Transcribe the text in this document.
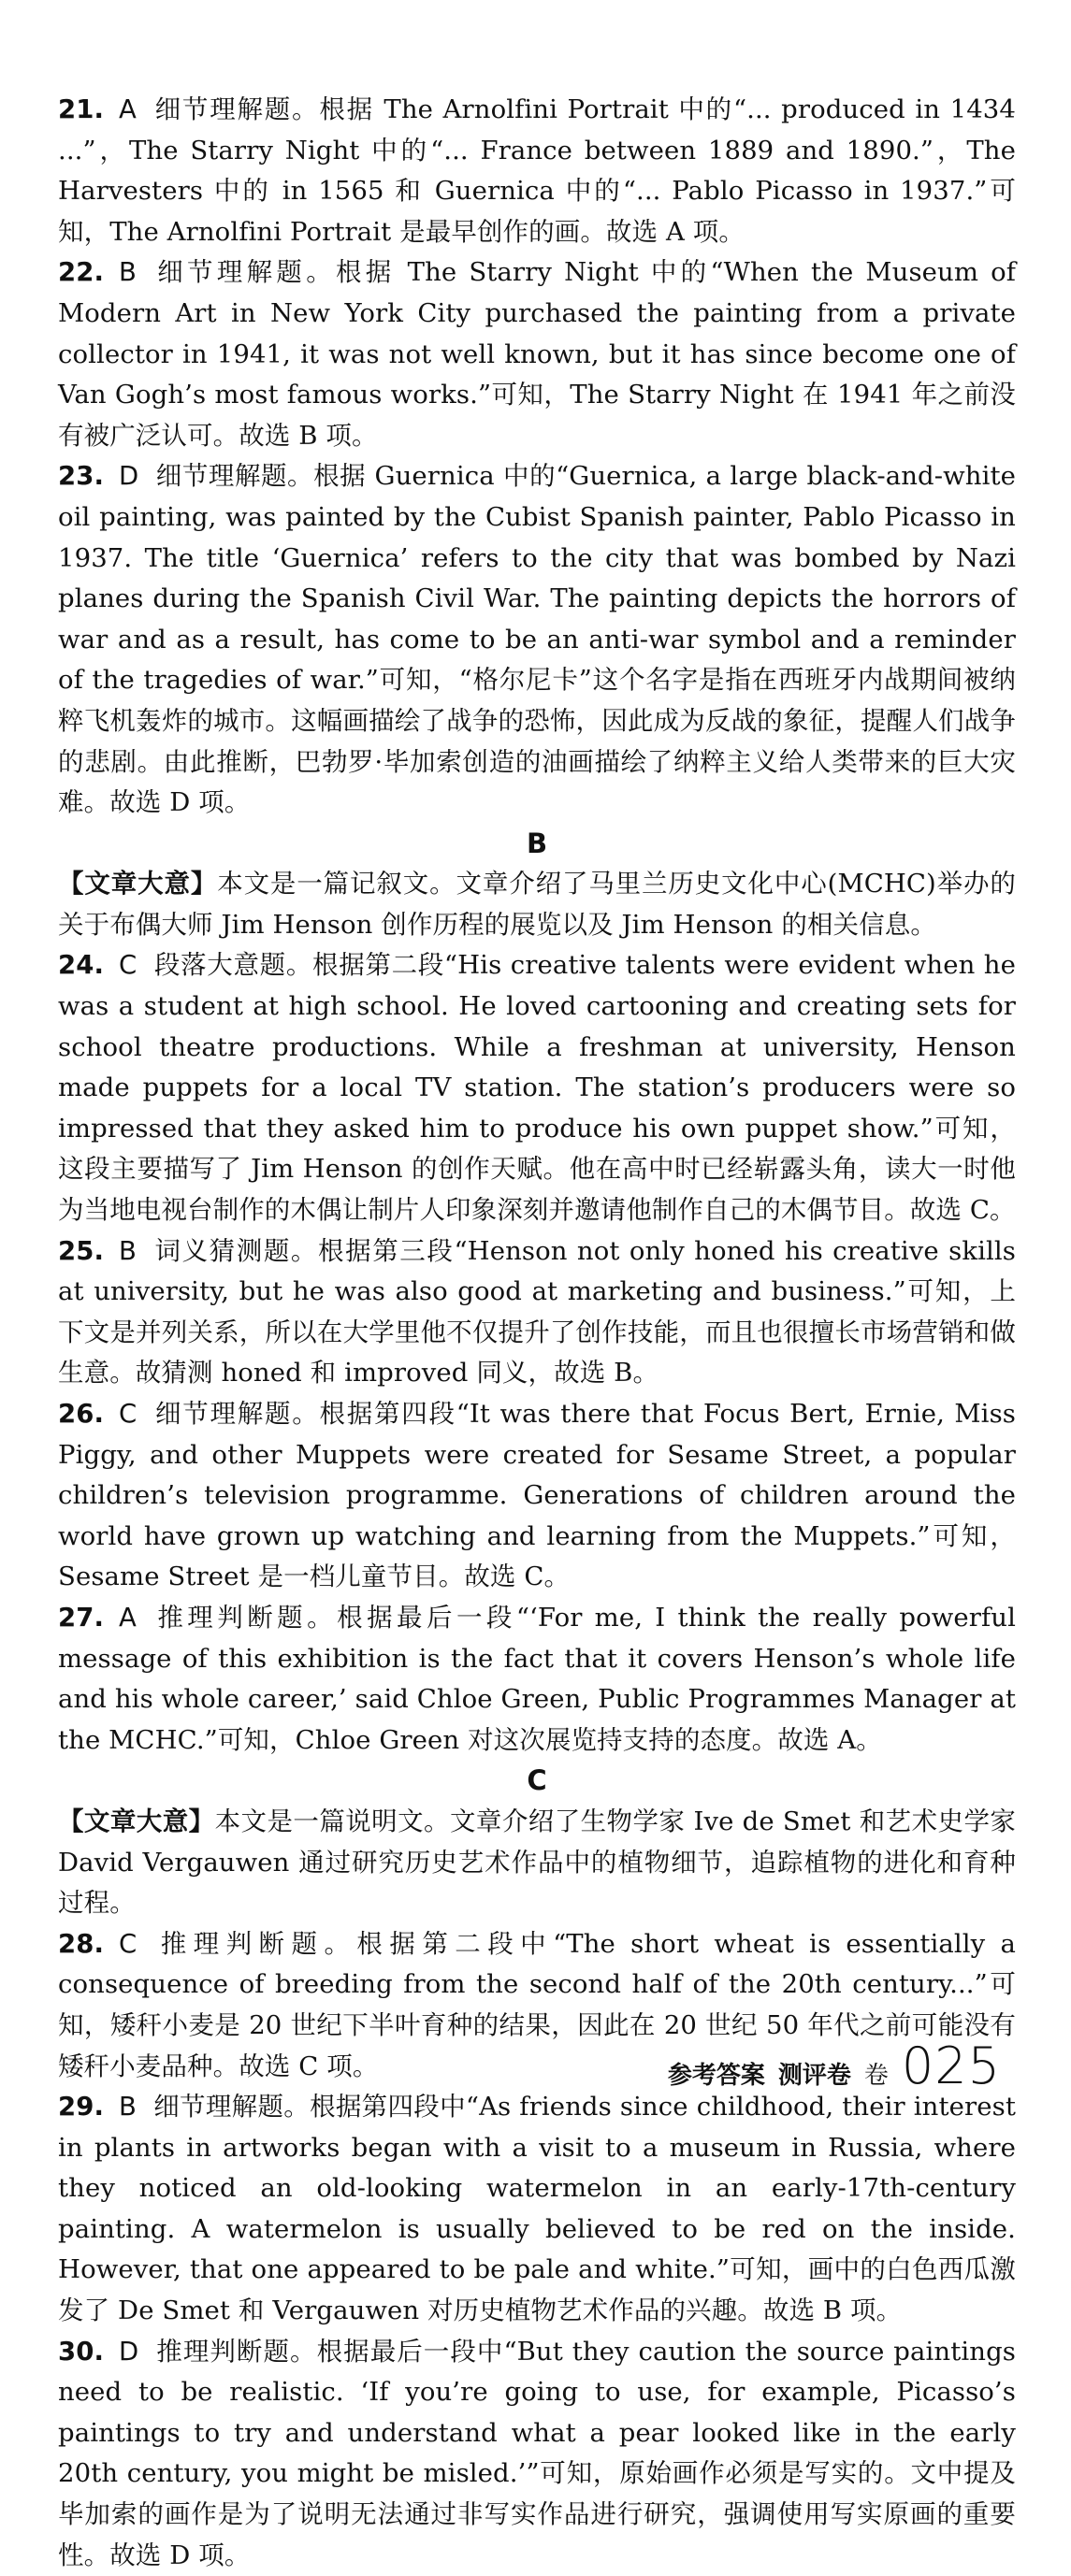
21. A 细节理解题。根据 The Arnolfini Portrait 中的“... produced in 1434 ...”，The Starry Night 中的“... France between 1889 and 1890.”，The Harvesters 中的 in 1565 和 Guernica 中的“... Pablo Picasso in 1937.”可知，The Arnolfini Portrait 是最早创作的画。故选 A 项。

22. B 细节理解题。根据 The Starry Night 中的“When the Museum of Modern Art in New York City purchased the painting from a private collector in 1941, it was not well known, but it has since become one of Van Gogh’s most famous works.”可知，The Starry Night 在 1941 年之前没有被广泛认可。故选 B 项。

23. D 细节理解题。根据 Guernica 中的“Guernica, a large black-and-white oil painting, was painted by the Cubist Spanish painter, Pablo Picasso in 1937. The title ‘Guernica’ refers to the city that was bombed by Nazi planes during the Spanish Civil War. The painting depicts the horrors of war and as a result, has come to be an anti-war symbol and a reminder of the tragedies of war.”可知，“格尔尼卡”这个名字是指在西班牙内战期间被纳粹飞机轰炸的城市。这幅画描绘了战争的恐怖，因此成为反战的象征，提醒人们战争的悲剧。由此推断，巴勃罗·毕加索创造的油画描绘了纳粹主义给人类带来的巨大灾难。故选 D 项。

B

【文章大意】本文是一篇记叙文。文章介绍了马里兰历史文化中心(MCHC)举办的关于布偶大师 Jim Henson 创作历程的展览以及 Jim Henson 的相关信息。

24. C 段落大意题。根据第二段“His creative talents were evident when he was a student at high school. He loved cartooning and creating sets for school theatre productions. While a freshman at university, Henson made puppets for a local TV station. The station’s producers were so impressed that they asked him to produce his own puppet show.”可知，这段主要描写了 Jim Henson 的创作天赋。他在高中时已经崭露头角，读大一时他为当地电视台制作的木偶让制片人印象深刻并邀请他制作自己的木偶节目。故选 C。

25. B 词义猜测题。根据第三段“Henson not only honed his creative skills at university, but he was also good at marketing and business.”可知，上下文是并列关系，所以在大学里他不仅提升了创作技能，而且也很擅长市场营销和做生意。故猜测 honed 和 improved 同义，故选 B。

26. C 细节理解题。根据第四段“It was there that Focus Bert, Ernie, Miss Piggy, and other Muppets were created for Sesame Street, a popular children’s television programme. Generations of children around the world have grown up watching and learning from the Muppets.”可知，Sesame Street 是一档儿童节目。故选 C。

27. A 推理判断题。根据最后一段“‘For me, I think the really powerful message of this exhibition is the fact that it covers Henson’s whole life and his whole career,’ said Chloe Green, Public Programmes Manager at the MCHC.”可知，Chloe Green 对这次展览持支持的态度。故选 A。

C

【文章大意】本文是一篇说明文。文章介绍了生物学家 Ive de Smet 和艺术史学家 David Vergauwen 通过研究历史艺术作品中的植物细节，追踪植物的进化和育种过程。

28. C 推理判断题。根据第二段中“The short wheat is essentially a consequence of breeding from the second half of the 20th century...”可知，矮秆小麦是 20 世纪下半叶育种的结果，因此在 20 世纪 50 年代之前可能没有矮秆小麦品种。故选 C 项。

29. B 细节理解题。根据第四段中“As friends since childhood, their interest in plants in artworks began with a visit to a museum in Russia, where they noticed an old-looking watermelon in an early-17th-century painting. A watermelon is usually believed to be red on the inside. However, that one appeared to be pale and white.”可知，画中的白色西瓜激发了 De Smet 和 Vergauwen 对历史植物艺术作品的兴趣。故选 B 项。

30. D 推理判断题。根据最后一段中“But they caution the source paintings need to be realistic. ‘If you’re going to use, for example, Picasso’s paintings to try and understand what a pear looked like in the early 20th century, you might be misled.’”可知，原始画作必须是写实的。文中提及毕加索的画作是为了说明无法通过非写实作品进行研究，强调使用写实原画的重要性。故选 D 项。

参考答案 测评卷 卷 025
